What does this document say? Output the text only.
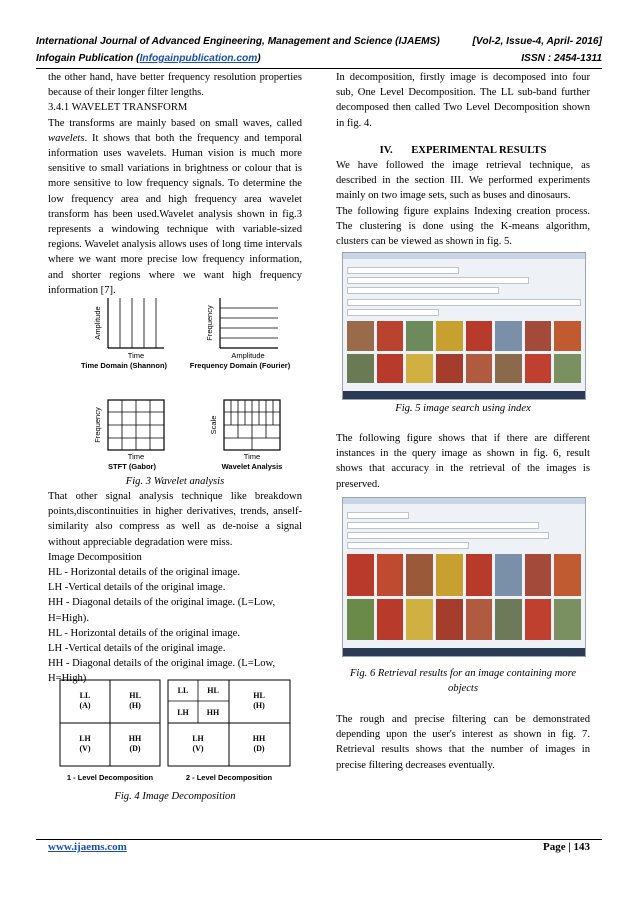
International Journal of Advanced Engineering, Management and Science (IJAEMS)	[Vol-2, Issue-4, April- 2016]
Infogain Publication (Infogainpublication.com)	ISSN : 2454-1311

the other hand, have better frequency resolution properties because of their longer filter lengths.

3.4.1 WAVELET TRANSFORM

The transforms are mainly based on small waves, called wavelets. It shows that both the frequency and temporal information uses wavelets. Human vision is much more sensitive to small variations in brightness or colour that is more sensitive to low frequency signals. To determine the low frequency area and high frequency area wavelet transform has been used.Wavelet analysis shown in fig.3 represents a windowing technique with variable-sized regions. Wavelet analysis allows uses of long time intervals where we want more precise low frequency information, and shorter regions where we want high frequency information [7].

Amplitude
Time
Time Domain (Shannon)
Frequency
Amplitude
Frequency Domain (Fourier)
Frequency
Time
STFT (Gabor)
Scale
Time
Wavelet Analysis

Fig. 3 Wavelet analysis

That other signal analysis technique like breakdown points,discontinuities in higher derivatives, trends, anself-similarity also compress as well as de-noise a signal without appreciable degradation were miss.

Image Decomposition

HL - Horizontal details of the original image.

LH -Vertical details of the original image.

HH - Diagonal details of the original image. (L=Low, H=High).

HL - Horizontal details of the original image.

LH -Vertical details of the original image.

HH - Diagonal details of the original image. (L=Low, H=High)

LL
(A)
HL
(H)
LH
(V)
HH
(D)
LL HL
LH HH
HL
(H)
LH
(V)
HH
(D)
1 - Level Decomposition	2 - Level Decomposition

Fig. 4 Image Decomposition

In decomposition, firstly image is decomposed into four sub, One Level Decomposition. The LL sub-band further decomposed then called Two Level Decomposition shown in fig. 4.

IV. EXPERIMENTAL RESULTS

We have followed the image retrieval technique, as described in the section III. We performed experiments mainly on two image sets, such as buses and dinosaurs.

The following figure explains Indexing creation process. The clustering is done using the K-means algorithm, clusters can be viewed as shown in fig. 5.

Fig. 5 image search using index

The following figure shows that if there are different instances in the query image as shown in fig. 6, result shows that accuracy in the retrieval of the images is preserved.

Fig. 6 Retrieval results for an image containing more objects

The rough and precise filtering can be demonstrated depending upon the user's interest as shown in fig. 7. Retrieval results shows that the number of images in precise filtering decreases eventually.

www.ijaems.com	Page | 143
